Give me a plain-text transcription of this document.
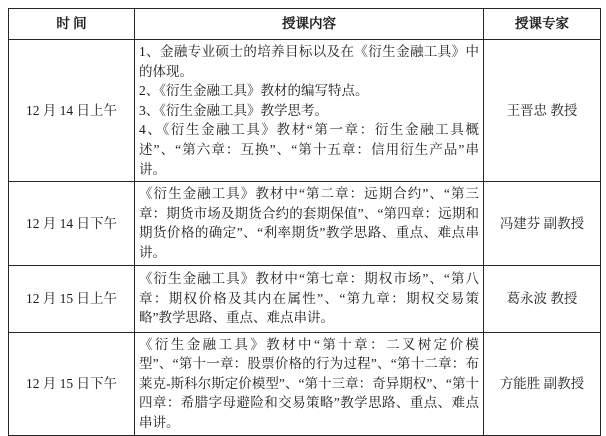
时 间	授课内容	授课专家
12 月 14 日上午	1、金融专业硕士的培养目标以及在《衍生金融工具》中的体现。
2、《衍生金融工具》教材的编写特点。
3、《衍生金融工具》教学思考。
4、《衍生金融工具》教材“第一章：衍生金融工具概述”、“第六章：互换”、“第十五章：信用衍生产品”串讲。	王晋忠 教授
12 月 14 日下午	《衍生金融工具》教材中“第二章：远期合约”、“第三章：期货市场及期货合约的套期保值”、“第四章：远期和期货价格的确定”、“利率期货”教学思路、重点、难点串讲。	冯建芬 副教授
12 月 15 日上午	《衍生金融工具》教材中“第七章：期权市场”、“第八章：期权价格及其内在属性”、“第九章：期权交易策略”教学思路、重点、难点串讲。	葛永波 教授
12 月 15 日下午	《衍生金融工具》教材中“第十章：二叉树定价模型”、“第十一章：股票价格的行为过程”、“第十二章：布莱克-斯科尔斯定价模型”、“第十三章：奇异期权”、“第十四章：希腊字母避险和交易策略”教学思路、重点、难点串讲。	方能胜 副教授
